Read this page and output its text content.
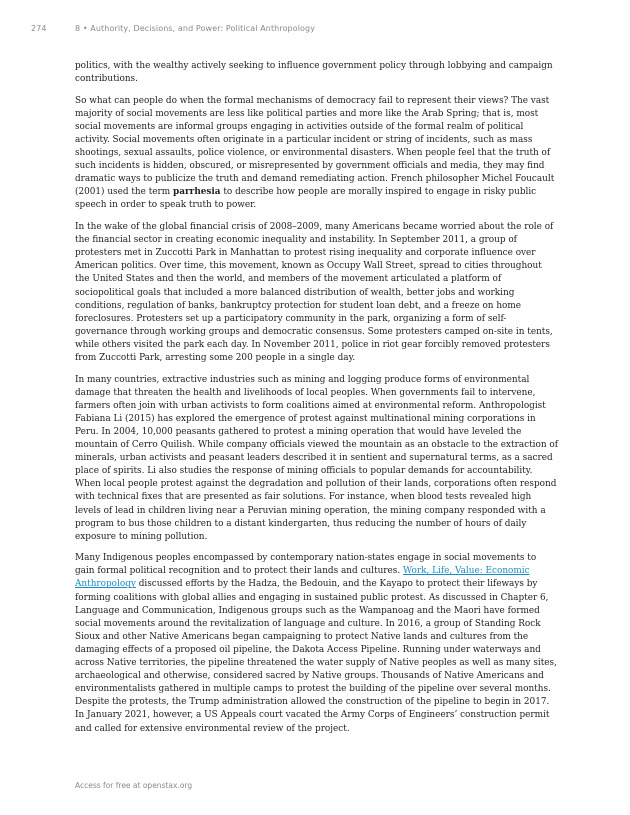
274	8 • Authority, Decisions, and Power: Political Anthropology

politics, with the wealthy actively seeking to influence government policy through lobbying and campaign contributions.

So what can people do when the formal mechanisms of democracy fail to represent their views? The vast majority of social movements are less like political parties and more like the Arab Spring; that is, most social movements are informal groups engaging in activities outside of the formal realm of political activity. Social movements often originate in a particular incident or string of incidents, such as mass shootings, sexual assaults, police violence, or environmental disasters. When people feel that the truth of such incidents is hidden, obscured, or misrepresented by government officials and media, they may find dramatic ways to publicize the truth and demand remediating action. French philosopher Michel Foucault (2001) used the term parrhesia to describe how people are morally inspired to engage in risky public speech in order to speak truth to power.

In the wake of the global financial crisis of 2008–2009, many Americans became worried about the role of the financial sector in creating economic inequality and instability. In September 2011, a group of protesters met in Zuccotti Park in Manhattan to protest rising inequality and corporate influence over American politics. Over time, this movement, known as Occupy Wall Street, spread to cities throughout the United States and then the world, and members of the movement articulated a platform of sociopolitical goals that included a more balanced distribution of wealth, better jobs and working conditions, regulation of banks, bankruptcy protection for student loan debt, and a freeze on home foreclosures. Protesters set up a participatory community in the park, organizing a form of self-governance through working groups and democratic consensus. Some protesters camped on-site in tents, while others visited the park each day. In November 2011, police in riot gear forcibly removed protesters from Zuccotti Park, arresting some 200 people in a single day.

In many countries, extractive industries such as mining and logging produce forms of environmental damage that threaten the health and livelihoods of local peoples. When governments fail to intervene, farmers often join with urban activists to form coalitions aimed at environmental reform. Anthropologist Fabiana Li (2015) has explored the emergence of protest against multinational mining corporations in Peru. In 2004, 10,000 peasants gathered to protest a mining operation that would have leveled the mountain of Cerro Quilish. While company officials viewed the mountain as an obstacle to the extraction of minerals, urban activists and peasant leaders described it in sentient and supernatural terms, as a sacred place of spirits. Li also studies the response of mining officials to popular demands for accountability. When local people protest against the degradation and pollution of their lands, corporations often respond with technical fixes that are presented as fair solutions. For instance, when blood tests revealed high levels of lead in children living near a Peruvian mining operation, the mining company responded with a program to bus those children to a distant kindergarten, thus reducing the number of hours of daily exposure to mining pollution.

Many Indigenous peoples encompassed by contemporary nation-states engage in social movements to gain formal political recognition and to protect their lands and cultures. Work, Life, Value: Economic Anthropology discussed efforts by the Hadza, the Bedouin, and the Kayapo to protect their lifeways by forming coalitions with global allies and engaging in sustained public protest. As discussed in Chapter 6, Language and Communication, Indigenous groups such as the Wampanoag and the Maori have formed social movements around the revitalization of language and culture. In 2016, a group of Standing Rock Sioux and other Native Americans began campaigning to protect Native lands and cultures from the damaging effects of a proposed oil pipeline, the Dakota Access Pipeline. Running under waterways and across Native territories, the pipeline threatened the water supply of Native peoples as well as many sites, archaeological and otherwise, considered sacred by Native groups. Thousands of Native Americans and environmentalists gathered in multiple camps to protest the building of the pipeline over several months. Despite the protests, the Trump administration allowed the construction of the pipeline to begin in 2017. In January 2021, however, a US Appeals court vacated the Army Corps of Engineers’ construction permit and called for extensive environmental review of the project.

Access for free at openstax.org
